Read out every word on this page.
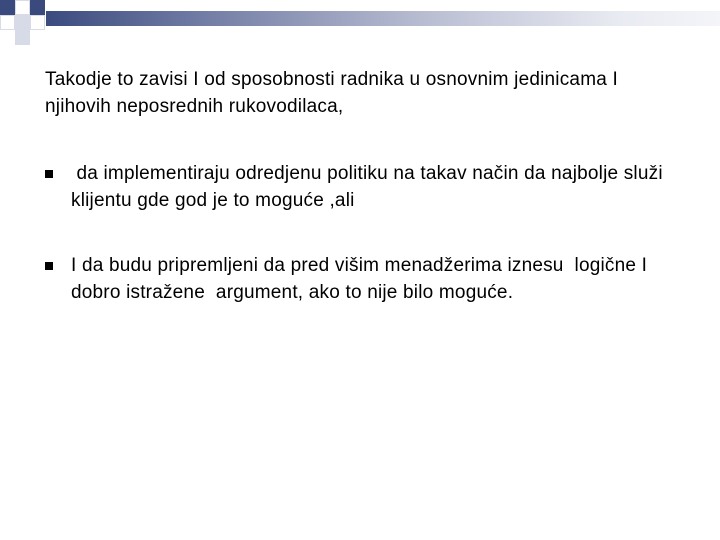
Takodje to zavisi I od sposobnosti radnika u osnovnim jedinicama I njihovih neposrednih rukovodilaca,

da implementiraju odredjenu politiku na takav način da najbolje služi klijentu gde god je to moguće ,ali
I da budu pripremljeni da pred višim menadžerima iznesu  logične I dobro istražene  argument, ako to nije bilo moguće.
